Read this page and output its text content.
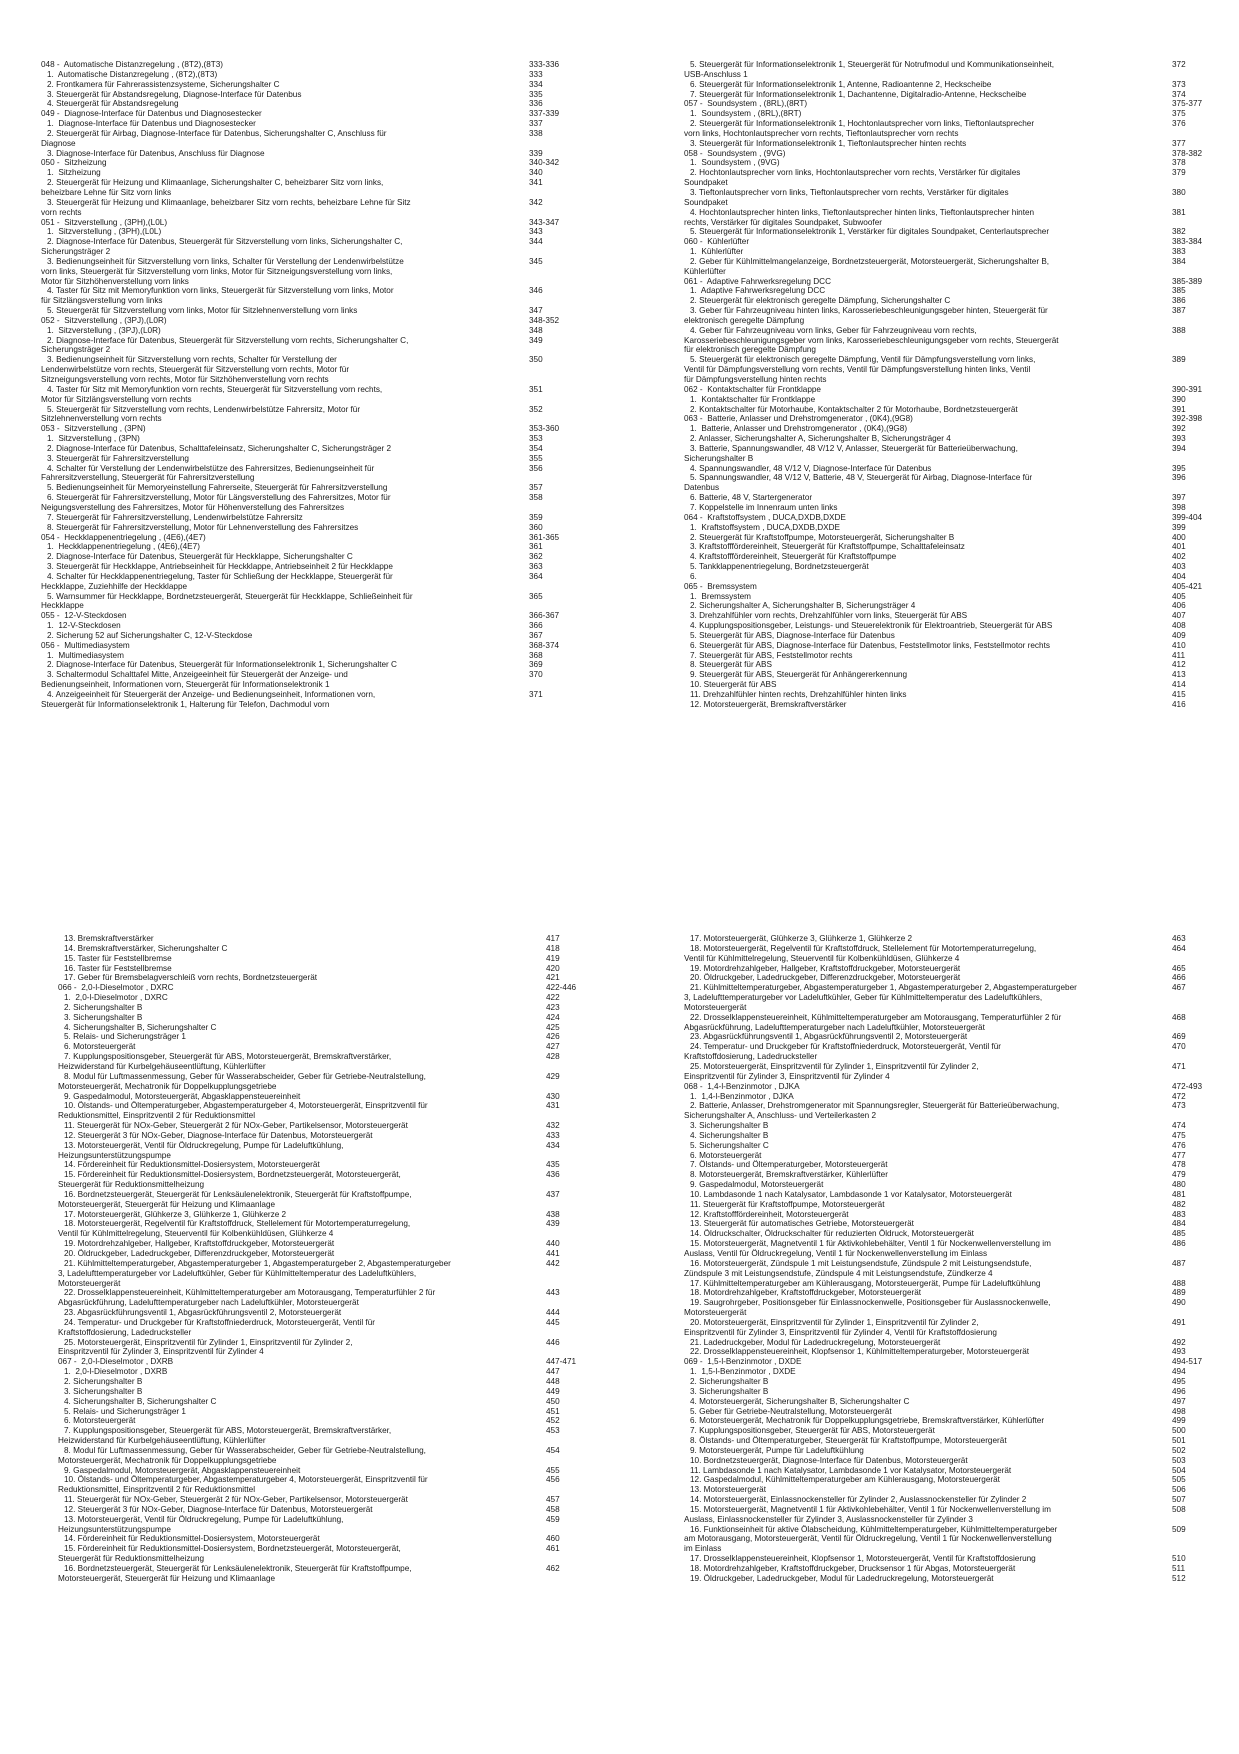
048 -  Automatische Distanzregelung , (8T2),(8T3)	333-336
1.  Automatische Distanzregelung , (8T2),(8T3)	333
2. Frontkamera für Fahrerassistenzsysteme, Sicherungshalter C	334
3. Steuergerät für Abstandsregelung, Diagnose-Interface für Datenbus	335
4. Steuergerät für Abstandsregelung	336
049 -  Diagnose-Interface für Datenbus und Diagnosestecker	337-339
1.  Diagnose-Interface für Datenbus und Diagnosestecker	337
2. Steuergerät für Airbag, Diagnose-Interface für Datenbus, Sicherungshalter C, Anschluss für	338
Diagnose
3. Diagnose-Interface für Datenbus, Anschluss für Diagnose	339
050 -  Sitzheizung	340-342
1.  Sitzheizung	340
2. Steuergerät für Heizung und Klimaanlage, Sicherungshalter C, beheizbarer Sitz vorn links,	341
beheizbare Lehne für Sitz vorn links
3. Steuergerät für Heizung und Klimaanlage, beheizbarer Sitz vorn rechts, beheizbare Lehne für Sitz	342
vorn rechts
051 -  Sitzverstellung , (3PH),(L0L)	343-347
1.  Sitzverstellung , (3PH),(L0L)	343
2. Diagnose-Interface für Datenbus, Steuergerät für Sitzverstellung vorn links, Sicherungshalter C,	344
Sicherungsträger 2
3. Bedienungseinheit für Sitzverstellung vorn links, Schalter für Verstellung der Lendenwirbelstütze	345
vorn links, Steuergerät für Sitzverstellung vorn links, Motor für Sitzneigungsverstellung vorn links,
Motor für Sitzhöhenverstellung vorn links
4. Taster für Sitz mit Memoryfunktion vorn links, Steuergerät für Sitzverstellung vorn links, Motor	346
für Sitzlängsverstellung vorn links
5. Steuergerät für Sitzverstellung vorn links, Motor für Sitzlehnenverstellung vorn links	347
052 -  Sitzverstellung , (3PJ),(L0R)	348-352
1.  Sitzverstellung , (3PJ),(L0R)	348
2. Diagnose-Interface für Datenbus, Steuergerät für Sitzverstellung vorn rechts, Sicherungshalter C,	349
Sicherungsträger 2
3. Bedienungseinheit für Sitzverstellung vorn rechts, Schalter für Verstellung der	350
Lendenwirbelstütze vorn rechts, Steuergerät für Sitzverstellung vorn rechts, Motor für
Sitzneigungsverstellung vorn rechts, Motor für Sitzhöhenverstellung vorn rechts
4. Taster für Sitz mit Memoryfunktion vorn rechts, Steuergerät für Sitzverstellung vorn rechts,	351
Motor für Sitzlängsverstellung vorn rechts
5. Steuergerät für Sitzverstellung vorn rechts, Lendenwirbelstütze Fahrersitz, Motor für	352
Sitzlehnenverstellung vorn rechts
053 -  Sitzverstellung , (3PN)	353-360
1.  Sitzverstellung , (3PN)	353
2. Diagnose-Interface für Datenbus, Schalttafeleinsatz, Sicherungshalter C, Sicherungsträger 2	354
3. Steuergerät für Fahrersitzverstellung	355
4. Schalter für Verstellung der Lendenwirbelstütze des Fahrersitzes, Bedienungseinheit für	356
Fahrersitzverstellung, Steuergerät für Fahrersitzverstellung
5. Bedienungseinheit für Memoryeinstellung Fahrerseite, Steuergerät für Fahrersitzverstellung	357
6. Steuergerät für Fahrersitzverstellung, Motor für Längsverstellung des Fahrersitzes, Motor für	358
Neigungsverstellung des Fahrersitzes, Motor für Höhenverstellung des Fahrersitzes
7. Steuergerät für Fahrersitzverstellung, Lendenwirbelstütze Fahrersitz	359
8. Steuergerät für Fahrersitzverstellung, Motor für Lehnenverstellung des Fahrersitzes	360
054 -  Heckklappenentriegelung , (4E6),(4E7)	361-365
1.  Heckklappenentriegelung , (4E6),(4E7)	361
2. Diagnose-Interface für Datenbus, Steuergerät für Heckklappe, Sicherungshalter C	362
3. Steuergerät für Heckklappe, Antriebseinheit für Heckklappe, Antriebseinheit 2 für Heckklappe	363
4. Schalter für Heckklappenentriegelung, Taster für Schließung der Heckklappe, Steuergerät für	364
Heckklappe, Zuziehhilfe der Heckklappe
5. Warnsummer für Heckklappe, Bordnetzsteuergerät, Steuergerät für Heckklappe, Schließeinheit für	365
Heckklappe
055 -  12-V-Steckdosen	366-367
1.  12-V-Steckdosen	366
2. Sicherung 52 auf Sicherungshalter C, 12-V-Steckdose	367
056 -  Multimediasystem	368-374
1.  Multimediasystem	368
2. Diagnose-Interface für Datenbus, Steuergerät für Informationselektronik 1, Sicherungshalter C	369
3. Schaltermodul Schalttafel Mitte, Anzeigeeinheit für Steuergerät der Anzeige- und	370
Bedienungseinheit, Informationen vorn, Steuergerät für Informationselektronik 1
4. Anzeigeeinheit für Steuergerät der Anzeige- und Bedienungseinheit, Informationen vorn,	371
Steuergerät für Informationselektronik 1, Halterung für Telefon, Dachmodul vorn
5. Steuergerät für Informationselektronik 1, Steuergerät für Notrufmodul und Kommunikationseinheit,	372
USB-Anschluss 1
6. Steuergerät für Informationselektronik 1, Antenne, Radioantenne 2, Heckscheibe	373
7. Steuergerät für Informationselektronik 1, Dachantenne, Digitalradio-Antenne, Heckscheibe	374
057 -  Soundsystem , (8RL),(8RT)	375-377
1.  Soundsystem , (8RL),(8RT)	375
2. Steuergerät für Informationselektronik 1, Hochtonlautsprecher vorn links, Tieftonlautsprecher	376
vorn links, Hochtonlautsprecher vorn rechts, Tieftonlautsprecher vorn rechts
3. Steuergerät für Informationselektronik 1, Tieftonlautsprecher hinten rechts	377
058 -  Soundsystem , (9VG)	378-382
1.  Soundsystem , (9VG)	378
2. Hochtonlautsprecher vorn links, Hochtonlautsprecher vorn rechts, Verstärker für digitales	379
Soundpaket
3. Tieftonlautsprecher vorn links, Tieftonlautsprecher vorn rechts, Verstärker für digitales	380
Soundpaket
4. Hochtonlautsprecher hinten links, Tieftonlautsprecher hinten links, Tieftonlautsprecher hinten	381
rechts, Verstärker für digitales Soundpaket, Subwoofer
5. Steuergerät für Informationselektronik 1, Verstärker für digitales Soundpaket, Centerlautsprecher	382
060 -  Kühlerlüfter	383-384
1.  Kühlerlüfter	383
2. Geber für Kühlmittelmangelanzeige, Bordnetzsteuergerät, Motorsteuergerät, Sicherungshalter B,	384
Kühlerlüfter
061 -  Adaptive Fahrwerksregelung DCC	385-389
1.  Adaptive Fahrwerksregelung DCC	385
2. Steuergerät für elektronisch geregelte Dämpfung, Sicherungshalter C	386
3. Geber für Fahrzeugniveau hinten links, Karosseriebeschleunigungsgeber hinten, Steuergerät für	387
elektronisch geregelte Dämpfung
4. Geber für Fahrzeugniveau vorn links, Geber für Fahrzeugniveau vorn rechts,	388
Karosseriebeschleunigungsgeber vorn links, Karosseriebeschleunigungsgeber vorn rechts, Steuergerät
für elektronisch geregelte Dämpfung
5. Steuergerät für elektronisch geregelte Dämpfung, Ventil für Dämpfungsverstellung vorn links,	389
Ventil für Dämpfungsverstellung vorn rechts, Ventil für Dämpfungsverstellung hinten links, Ventil
für Dämpfungsverstellung hinten rechts
062 -  Kontaktschalter für Frontklappe	390-391
1.  Kontaktschalter für Frontklappe	390
2. Kontaktschalter für Motorhaube, Kontaktschalter 2 für Motorhaube, Bordnetzsteuergerät	391
063 -  Batterie, Anlasser und Drehstromgenerator , (0K4),(9G8)	392-398
1.  Batterie, Anlasser und Drehstromgenerator , (0K4),(9G8)	392
2. Anlasser, Sicherungshalter A, Sicherungshalter B, Sicherungsträger 4	393
3. Batterie, Spannungswandler, 48 V/12 V, Anlasser, Steuergerät für Batterieüberwachung,	394
Sicherungshalter B
4. Spannungswandler, 48 V/12 V, Diagnose-Interface für Datenbus	395
5. Spannungswandler, 48 V/12 V, Batterie, 48 V, Steuergerät für Airbag, Diagnose-Interface für	396
Datenbus
6. Batterie, 48 V, Startergenerator	397
7. Koppelstelle im Innenraum unten links	398
064 -  Kraftstoffsystem , DUCA,DXDB,DXDE	399-404
1.  Kraftstoffsystem , DUCA,DXDB,DXDE	399
2. Steuergerät für Kraftstoffpumpe, Motorsteuergerät, Sicherungshalter B	400
3. Kraftstofffördereinheit, Steuergerät für Kraftstoffpumpe, Schalttafeleinsatz	401
4. Kraftstofffördereinheit, Steuergerät für Kraftstoffpumpe	402
5. Tankklappenentriegelung, Bordnetzsteuergerät	403
6.	404
065 -  Bremssystem	405-421
1.  Bremssystem	405
2. Sicherungshalter A, Sicherungshalter B, Sicherungsträger 4	406
3. Drehzahlfühler vorn rechts, Drehzahlfühler vorn links, Steuergerät für ABS	407
4. Kupplungspositionsgeber, Leistungs- und Steuerelektronik für Elektroantrieb, Steuergerät für ABS	408
5. Steuergerät für ABS, Diagnose-Interface für Datenbus	409
6. Steuergerät für ABS, Diagnose-Interface für Datenbus, Feststellmotor links, Feststellmotor rechts	410
7. Steuergerät für ABS, Feststellmotor rechts	411
8. Steuergerät für ABS	412
9. Steuergerät für ABS, Steuergerät für Anhängererkennung	413
10. Steuergerät für ABS	414
11. Drehzahlfühler hinten rechts, Drehzahlfühler hinten links	415
12. Motorsteuergerät, Bremskraftverstärker	416
13. Bremskraftverstärker	417
14. Bremskraftverstärker, Sicherungshalter C	418
15. Taster für Feststellbremse	419
16. Taster für Feststellbremse	420
17. Geber für Bremsbelagverschleiß vorn rechts, Bordnetzsteuergerät	421
066 -  2,0-l-Dieselmotor , DXRC	422-446
1.  2,0-l-Dieselmotor , DXRC	422
2. Sicherungshalter B	423
3. Sicherungshalter B	424
4. Sicherungshalter B, Sicherungshalter C	425
5. Relais- und Sicherungsträger 1	426
6. Motorsteuergerät	427
7. Kupplungspositionsgeber, Steuergerät für ABS, Motorsteuergerät, Bremskraftverstärker,	428
Heizwiderstand für Kurbelgehäuseentlüftung, Kühlerlüfter
8. Modul für Luftmassenmessung, Geber für Wasserabscheider, Geber für Getriebe-Neutralstellung,	429
Motorsteuergerät, Mechatronik für Doppelkupplungsgetriebe
9. Gaspedalmodul, Motorsteuergerät, Abgasklappensteuereinheit	430
10. Ölstands- und Öltemperaturgeber, Abgastemperaturgeber 4, Motorsteuergerät, Einspritzventil für	431
Reduktionsmittel, Einspritzventil 2 für Reduktionsmittel
11. Steuergerät für NOx-Geber, Steuergerät 2 für NOx-Geber, Partikelsensor, Motorsteuergerät	432
12. Steuergerät 3 für NOx-Geber, Diagnose-Interface für Datenbus, Motorsteuergerät	433
13. Motorsteuergerät, Ventil für Öldruckregelung, Pumpe für Ladeluftkühlung,	434
Heizungsunterstützungspumpe
14. Fördereinheit für Reduktionsmittel-Dosiersystem, Motorsteuergerät	435
15. Fördereinheit für Reduktionsmittel-Dosiersystem, Bordnetzsteuergerät, Motorsteuergerät,	436
Steuergerät für Reduktionsmittelheizung
16. Bordnetzsteuergerät, Steuergerät für Lenksäulenelektronik, Steuergerät für Kraftstoffpumpe,	437
Motorsteuergerät, Steuergerät für Heizung und Klimaanlage
17. Motorsteuergerät, Glühkerze 3, Glühkerze 1, Glühkerze 2	438
18. Motorsteuergerät, Regelventil für Kraftstoffdruck, Stellelement für Motortemperaturregelung,	439
Ventil für Kühlmittelregelung, Steuerventil für Kolbenkühldüsen, Glühkerze 4
19. Motordrehzahlgeber, Hallgeber, Kraftstoffdruckgeber, Motorsteuergerät	440
20. Öldruckgeber, Ladedruckgeber, Differenzdruckgeber, Motorsteuergerät	441
21. Kühlmitteltemperaturgeber, Abgastemperaturgeber 1, Abgastemperaturgeber 2, Abgastemperaturgeber	442
3, Ladelufttemperaturgeber vor Ladeluftkühler, Geber für Kühlmitteltemperatur des Ladeluftkühlers,
Motorsteuergerät
22. Drosselklappensteuereinheit, Kühlmitteltemperaturgeber am Motorausgang, Temperaturfühler 2 für	443
Abgasrückführung, Ladelufttemperaturgeber nach Ladeluftkühler, Motorsteuergerät
23. Abgasrückführungsventil 1, Abgasrückführungsventil 2, Motorsteuergerät	444
24. Temperatur- und Druckgeber für Kraftstoffniederdruck, Motorsteuergerät, Ventil für	445
Kraftstoffdosierung, Ladedrucksteller
25. Motorsteuergerät, Einspritzventil für Zylinder 1, Einspritzventil für Zylinder 2,	446
Einspritzventil für Zylinder 3, Einspritzventil für Zylinder 4
067 -  2,0-l-Dieselmotor , DXRB	447-471
1.  2,0-l-Dieselmotor , DXRB	447
2. Sicherungshalter B	448
3. Sicherungshalter B	449
4. Sicherungshalter B, Sicherungshalter C	450
5. Relais- und Sicherungsträger 1	451
6. Motorsteuergerät	452
7. Kupplungspositionsgeber, Steuergerät für ABS, Motorsteuergerät, Bremskraftverstärker,	453
Heizwiderstand für Kurbelgehäuseentlüftung, Kühlerlüfter
8. Modul für Luftmassenmessung, Geber für Wasserabscheider, Geber für Getriebe-Neutralstellung,	454
Motorsteuergerät, Mechatronik für Doppelkupplungsgetriebe
9. Gaspedalmodul, Motorsteuergerät, Abgasklappensteuereinheit	455
10. Ölstands- und Öltemperaturgeber, Abgastemperaturgeber 4, Motorsteuergerät, Einspritzventil für	456
Reduktionsmittel, Einspritzventil 2 für Reduktionsmittel
11. Steuergerät für NOx-Geber, Steuergerät 2 für NOx-Geber, Partikelsensor, Motorsteuergerät	457
12. Steuergerät 3 für NOx-Geber, Diagnose-Interface für Datenbus, Motorsteuergerät	458
13. Motorsteuergerät, Ventil für Öldruckregelung, Pumpe für Ladeluftkühlung,	459
Heizungsunterstützungspumpe
14. Fördereinheit für Reduktionsmittel-Dosiersystem, Motorsteuergerät	460
15. Fördereinheit für Reduktionsmittel-Dosiersystem, Bordnetzsteuergerät, Motorsteuergerät,	461
Steuergerät für Reduktionsmittelheizung
16. Bordnetzsteuergerät, Steuergerät für Lenksäulenelektronik, Steuergerät für Kraftstoffpumpe,	462
Motorsteuergerät, Steuergerät für Heizung und Klimaanlage
17. Motorsteuergerät, Glühkerze 3, Glühkerze 1, Glühkerze 2	463
18. Motorsteuergerät, Regelventil für Kraftstoffdruck, Stellelement für Motortemperaturregelung,	464
Ventil für Kühlmittelregelung, Steuerventil für Kolbenkühldüsen, Glühkerze 4
19. Motordrehzahlgeber, Hallgeber, Kraftstoffdruckgeber, Motorsteuergerät	465
20. Öldruckgeber, Ladedruckgeber, Differenzdruckgeber, Motorsteuergerät	466
21. Kühlmitteltemperaturgeber, Abgastemperaturgeber 1, Abgastemperaturgeber 2, Abgastemperaturgeber	467
3, Ladelufttemperaturgeber vor Ladeluftkühler, Geber für Kühlmitteltemperatur des Ladeluftkühlers,
Motorsteuergerät
22. Drosselklappensteuereinheit, Kühlmitteltemperaturgeber am Motorausgang, Temperaturfühler 2 für	468
Abgasrückführung, Ladelufttemperaturgeber nach Ladeluftkühler, Motorsteuergerät
23. Abgasrückführungsventil 1, Abgasrückführungsventil 2, Motorsteuergerät	469
24. Temperatur- und Druckgeber für Kraftstoffniederdruck, Motorsteuergerät, Ventil für	470
Kraftstoffdosierung, Ladedrucksteller
25. Motorsteuergerät, Einspritzventil für Zylinder 1, Einspritzventil für Zylinder 2,	471
Einspritzventil für Zylinder 3, Einspritzventil für Zylinder 4
068 -  1,4-l-Benzinmotor , DJKA	472-493
1.  1,4-l-Benzinmotor , DJKA	472
2. Batterie, Anlasser, Drehstromgenerator mit Spannungsregler, Steuergerät für Batterieüberwachung,	473
Sicherungshalter A, Anschluss- und Verteilerkasten 2
3. Sicherungshalter B	474
4. Sicherungshalter B	475
5. Sicherungshalter C	476
6. Motorsteuergerät	477
7. Ölstands- und Öltemperaturgeber, Motorsteuergerät	478
8. Motorsteuergerät, Bremskraftverstärker, Kühlerlüfter	479
9. Gaspedalmodul, Motorsteuergerät	480
10. Lambdasonde 1 nach Katalysator, Lambdasonde 1 vor Katalysator, Motorsteuergerät	481
11. Steuergerät für Kraftstoffpumpe, Motorsteuergerät	482
12. Kraftstofffördereinheit, Motorsteuergerät	483
13. Steuergerät für automatisches Getriebe, Motorsteuergerät	484
14. Öldruckschalter, Öldruckschalter für reduzierten Öldruck, Motorsteuergerät	485
15. Motorsteuergerät, Magnetventil 1 für Aktivkohlebehälter, Ventil 1 für Nockenwellenverstellung im	486
Auslass, Ventil für Öldruckregelung, Ventil 1 für Nockenwellenverstellung im Einlass
16. Motorsteuergerät, Zündspule 1 mit Leistungsendstufe, Zündspule 2 mit Leistungsendstufe,	487
Zündspule 3 mit Leistungsendstufe, Zündspule 4 mit Leistungsendstufe, Zündkerze 4
17. Kühlmitteltemperaturgeber am Kühlerausgang, Motorsteuergerät, Pumpe für Ladeluftkühlung	488
18. Motordrehzahlgeber, Kraftstoffdruckgeber, Motorsteuergerät	489
19. Saugrohrgeber, Positionsgeber für Einlassnockenwelle, Positionsgeber für Auslassnockenwelle,	490
Motorsteuergerät
20. Motorsteuergerät, Einspritzventil für Zylinder 1, Einspritzventil für Zylinder 2,	491
Einspritzventil für Zylinder 3, Einspritzventil für Zylinder 4, Ventil für Kraftstoffdosierung
21. Ladedruckgeber, Modul für Ladedruckregelung, Motorsteuergerät	492
22. Drosselklappensteuereinheit, Klopfsensor 1, Kühlmitteltemperaturgeber, Motorsteuergerät	493
069 -  1,5-l-Benzinmotor , DXDE	494-517
1.  1,5-l-Benzinmotor , DXDE	494
2. Sicherungshalter B	495
3. Sicherungshalter B	496
4. Motorsteuergerät, Sicherungshalter B, Sicherungshalter C	497
5. Geber für Getriebe-Neutralstellung, Motorsteuergerät	498
6. Motorsteuergerät, Mechatronik für Doppelkupplungsgetriebe, Bremskraftverstärker, Kühlerlüfter	499
7. Kupplungspositionsgeber, Steuergerät für ABS, Motorsteuergerät	500
8. Ölstands- und Öltemperaturgeber, Steuergerät für Kraftstoffpumpe, Motorsteuergerät	501
9. Motorsteuergerät, Pumpe für Ladeluftkühlung	502
10. Bordnetzsteuergerät, Diagnose-Interface für Datenbus, Motorsteuergerät	503
11. Lambdasonde 1 nach Katalysator, Lambdasonde 1 vor Katalysator, Motorsteuergerät	504
12. Gaspedalmodul, Kühlmitteltemperaturgeber am Kühlerausgang, Motorsteuergerät	505
13. Motorsteuergerät	506
14. Motorsteuergerät, Einlassnockensteller für Zylinder 2, Auslassnockensteller für Zylinder 2	507
15. Motorsteuergerät, Magnetventil 1 für Aktivkohlebehälter, Ventil 1 für Nockenwellenverstellung im	508
Auslass, Einlassnockensteller für Zylinder 3, Auslassnockensteller für Zylinder 3
16. Funktionseinheit für aktive Ölabscheidung, Kühlmitteltemperaturgeber, Kühlmitteltemperaturgeber	509
am Motorausgang, Motorsteuergerät, Ventil für Öldruckregelung, Ventil 1 für Nockenwellenverstellung
im Einlass
17. Drosselklappensteuereinheit, Klopfsensor 1, Motorsteuergerät, Ventil für Kraftstoffdosierung	510
18. Motordrehzahlgeber, Kraftstoffdruckgeber, Drucksensor 1 für Abgas, Motorsteuergerät	511
19. Öldruckgeber, Ladedruckgeber, Modul für Ladedruckregelung, Motorsteuergerät	512
